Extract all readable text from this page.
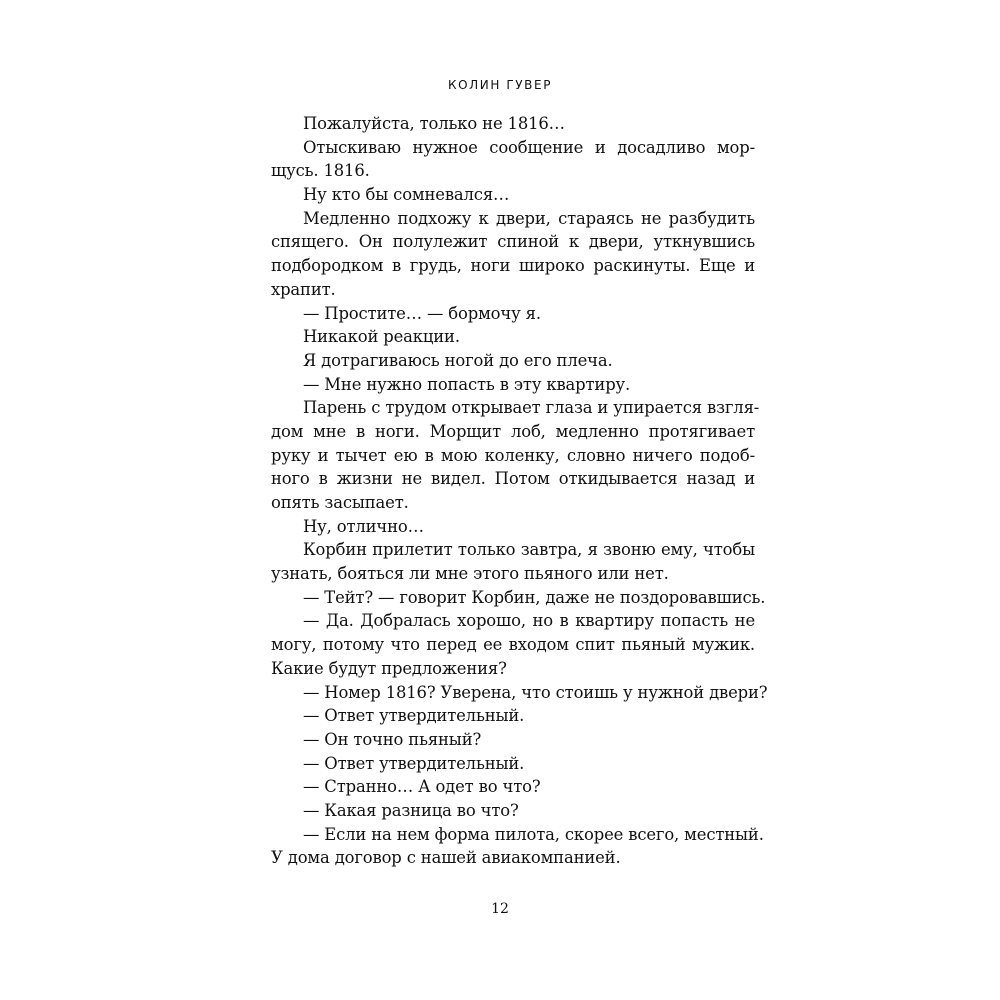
КОЛИН ГУВЕР
Пожалуйста, только не 1816…
Отыскиваю нужное сообщение и досадливо мор-
щусь. 1816.
Ну кто бы сомневался…
Медленно подхожу к двери, стараясь не разбудить
спящего. Он полулежит спиной к двери, уткнувшись
подбородком в грудь, ноги широко раскинуты. Еще и
храпит.
— Простите… — бормочу я.
Никакой реакции.
Я дотрагиваюсь ногой до его плеча.
— Мне нужно попасть в эту квартиру.
Парень с трудом открывает глаза и упирается взгля-
дом мне в ноги. Морщит лоб, медленно протягивает
руку и тычет ею в мою коленку, словно ничего подоб-
ного в жизни не видел. Потом откидывается назад и
опять засыпает.
Ну, отлично…
Корбин прилетит только завтра, я звоню ему, чтобы
узнать, бояться ли мне этого пьяного или нет.
— Тейт? — говорит Корбин, даже не поздоровавшись.
— Да. Добралась хорошо, но в квартиру попасть не
могу, потому что перед ее входом спит пьяный мужик.
Какие будут предложения?
— Номер 1816? Уверена, что стоишь у нужной двери?
— Ответ утвердительный.
— Он точно пьяный?
— Ответ утвердительный.
— Странно… А одет во что?
— Какая разница во что?
— Если на нем форма пилота, скорее всего, местный.
У дома договор с нашей авиакомпанией.
12
